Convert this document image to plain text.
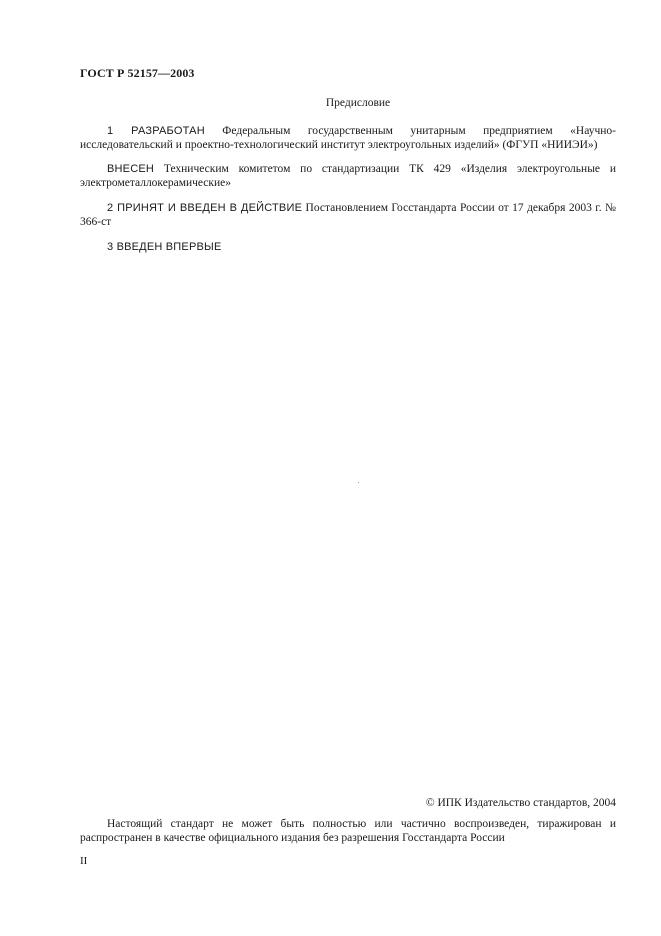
ГОСТ Р 52157—2003
Предисловие
1 РАЗРАБОТАН Федеральным государственным унитарным предприятием «Научно-исследовательский и проектно-технологический институт электроугольных изделий» (ФГУП «НИИЭИ»)
ВНЕСЕН Техническим комитетом по стандартизации ТК 429 «Изделия электроугольные и электрометаллокерамические»
2 ПРИНЯТ И ВВЕДЕН В ДЕЙСТВИЕ Постановлением Госстандарта России от 17 декабря 2003 г. № 366-ст
3 ВВЕДЕН ВПЕРВЫЕ
© ИПК Издательство стандартов, 2004
Настоящий стандарт не может быть полностью или частично воспроизведен, тиражирован и распространен в качестве официального издания без разрешения Госстандарта России
II
